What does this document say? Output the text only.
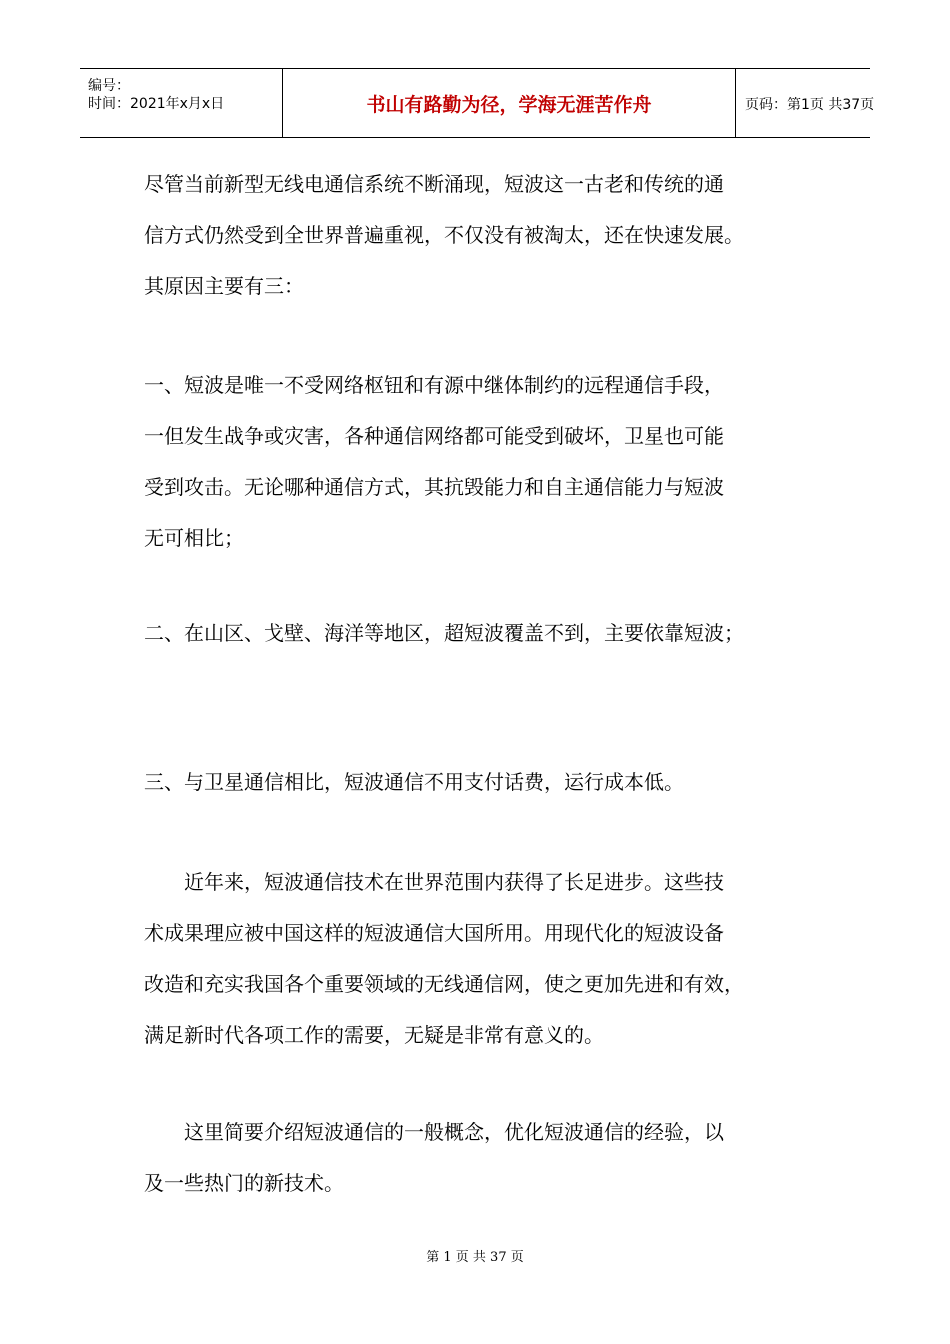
编号：
时间：2021年x月x日	书山有路勤为径，学海无涯苦作舟	页码：第1页 共37页
尽管当前新型无线电通信系统不断涌现，短波这一古老和传统的通
信方式仍然受到全世界普遍重视，不仅没有被淘太，还在快速发展。
其原因主要有三：
一、短波是唯一不受网络枢钮和有源中继体制约的远程通信手段，
一但发生战争或灾害，各种通信网络都可能受到破坏，卫星也可能
受到攻击。无论哪种通信方式，其抗毁能力和自主通信能力与短波
无可相比；
二、在山区、戈壁、海洋等地区，超短波覆盖不到，主要依靠短波；
三、与卫星通信相比，短波通信不用支付话费，运行成本低。
　　近年来，短波通信技术在世界范围内获得了长足进步。这些技
术成果理应被中国这样的短波通信大国所用。用现代化的短波设备
改造和充实我国各个重要领域的无线通信网，使之更加先进和有效，
满足新时代各项工作的需要，无疑是非常有意义的。
　　这里简要介绍短波通信的一般概念，优化短波通信的经验，以
及一些热门的新技术。
第 1 页 共 37 页
